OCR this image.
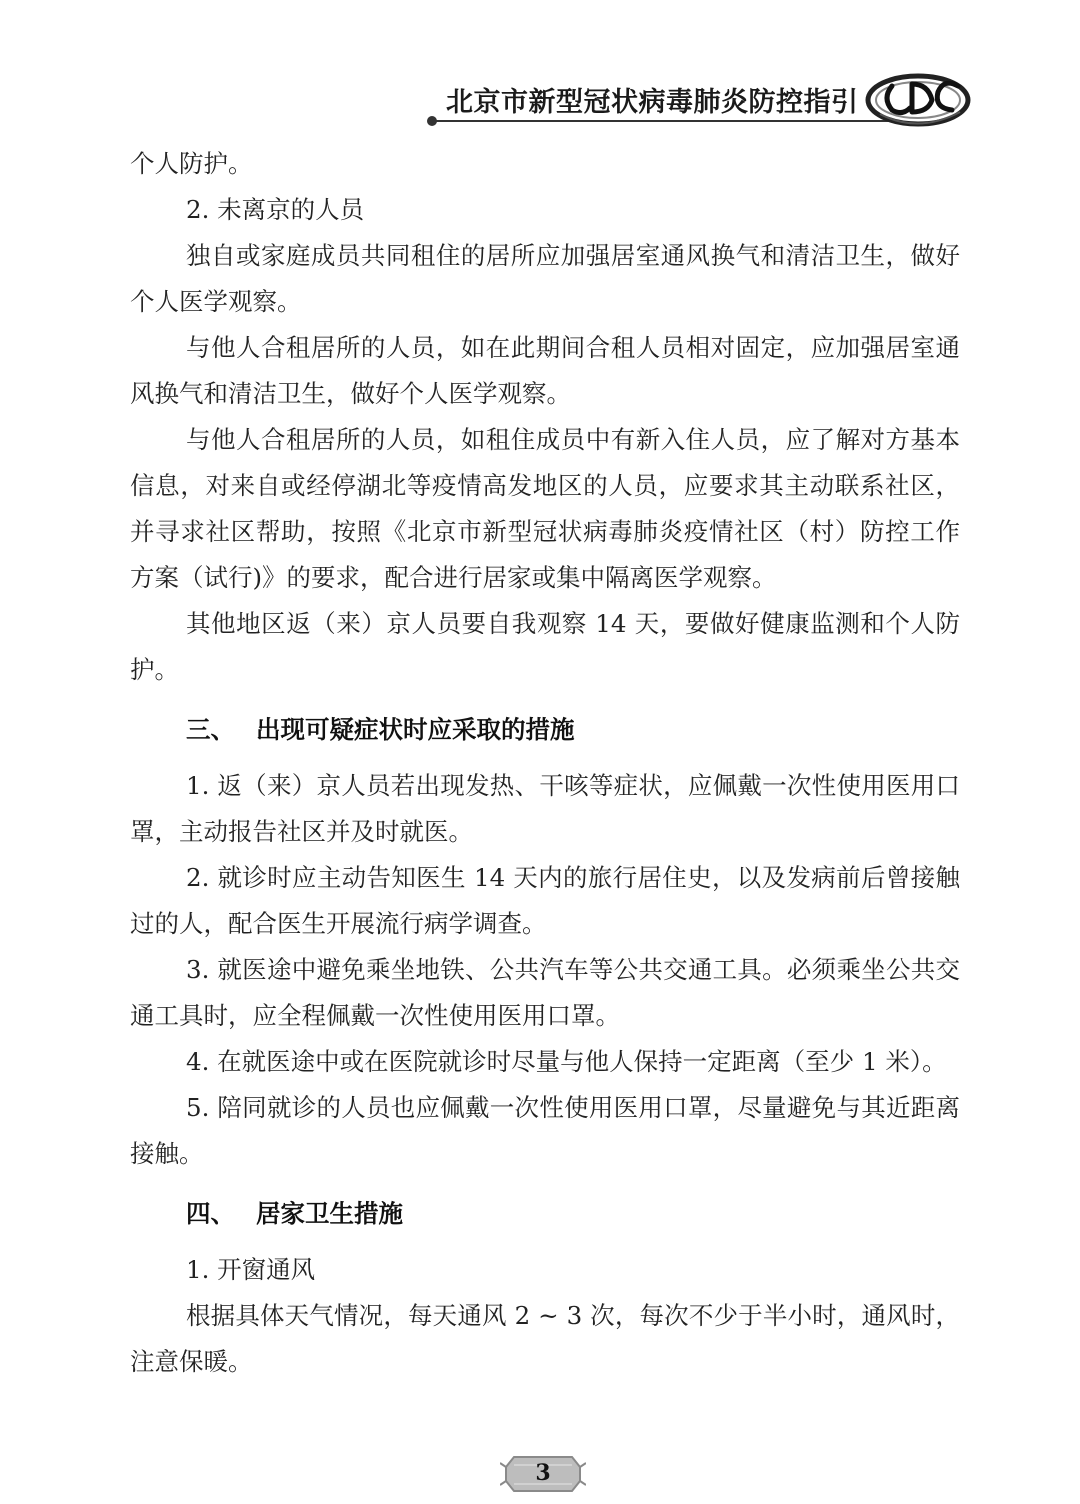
北京市新型冠状病毒肺炎防控指引

个人防护。

2. 未离京的人员

独自或家庭成员共同租住的居所应加强居室通风换气和清洁卫生，做好个人医学观察。

与他人合租居所的人员，如在此期间合租人员相对固定，应加强居室通风换气和清洁卫生，做好个人医学观察。

与他人合租居所的人员，如租住成员中有新入住人员，应了解对方基本信息，对来自或经停湖北等疫情高发地区的人员，应要求其主动联系社区，并寻求社区帮助，按照《北京市新型冠状病毒肺炎疫情社区（村）防控工作方案（试行)》的要求，配合进行居家或集中隔离医学观察。

其他地区返（来）京人员要自我观察 14 天，要做好健康监测和个人防护。

三、 出现可疑症状时应采取的措施

1. 返（来）京人员若出现发热、干咳等症状，应佩戴一次性使用医用口罩，主动报告社区并及时就医。

2. 就诊时应主动告知医生 14 天内的旅行居住史，以及发病前后曾接触过的人，配合医生开展流行病学调查。

3. 就医途中避免乘坐地铁、公共汽车等公共交通工具。必须乘坐公共交通工具时，应全程佩戴一次性使用医用口罩。

4. 在就医途中或在医院就诊时尽量与他人保持一定距离（至少 1 米）。

5. 陪同就诊的人员也应佩戴一次性使用医用口罩，尽量避免与其近距离接触。

四、 居家卫生措施

1. 开窗通风

根据具体天气情况，每天通风 2 ~ 3 次，每次不少于半小时，通风时，注意保暖。

3
